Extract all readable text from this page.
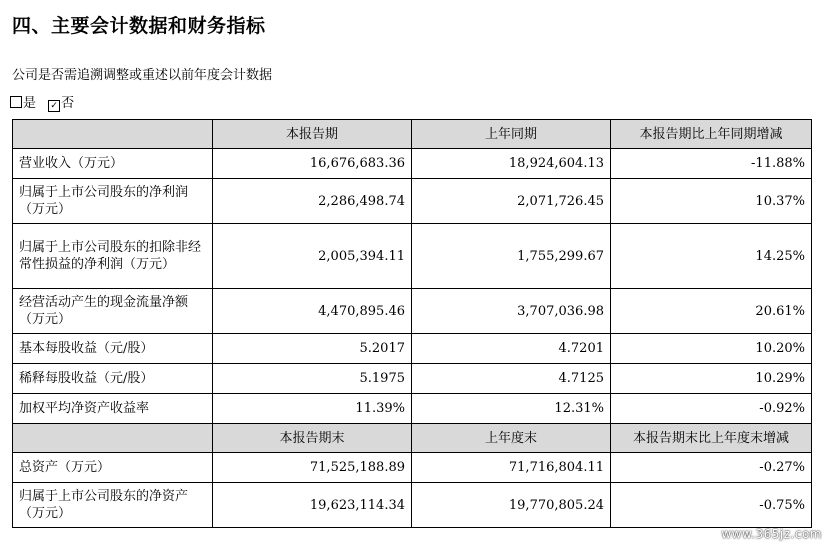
四、主要会计数据和财务指标
公司是否需追溯调整或重述以前年度会计数据
是 ✓ 否
	本报告期	上年同期	本报告期比上年同期增减
营业收入（万元）	16,676,683.36	18,924,604.13	-11.88%
归属于上市公司股东的净利润（万元）	2,286,498.74	2,071,726.45	10.37%
归属于上市公司股东的扣除非经常性损益的净利润（万元）	2,005,394.11	1,755,299.67	14.25%
经营活动产生的现金流量净额（万元）	4,470,895.46	3,707,036.98	20.61%
基本每股收益（元/股）	5.2017	4.7201	10.20%
稀释每股收益（元/股）	5.1975	4.7125	10.29%
加权平均净资产收益率	11.39%	12.31%	-0.92%
	本报告期末	上年度末	本报告期末比上年度末增减
总资产（万元）	71,525,188.89	71,716,804.11	-0.27%
归属于上市公司股东的净资产（万元）	19,623,114.34	19,770,805.24	-0.75%
www.365jz.com
